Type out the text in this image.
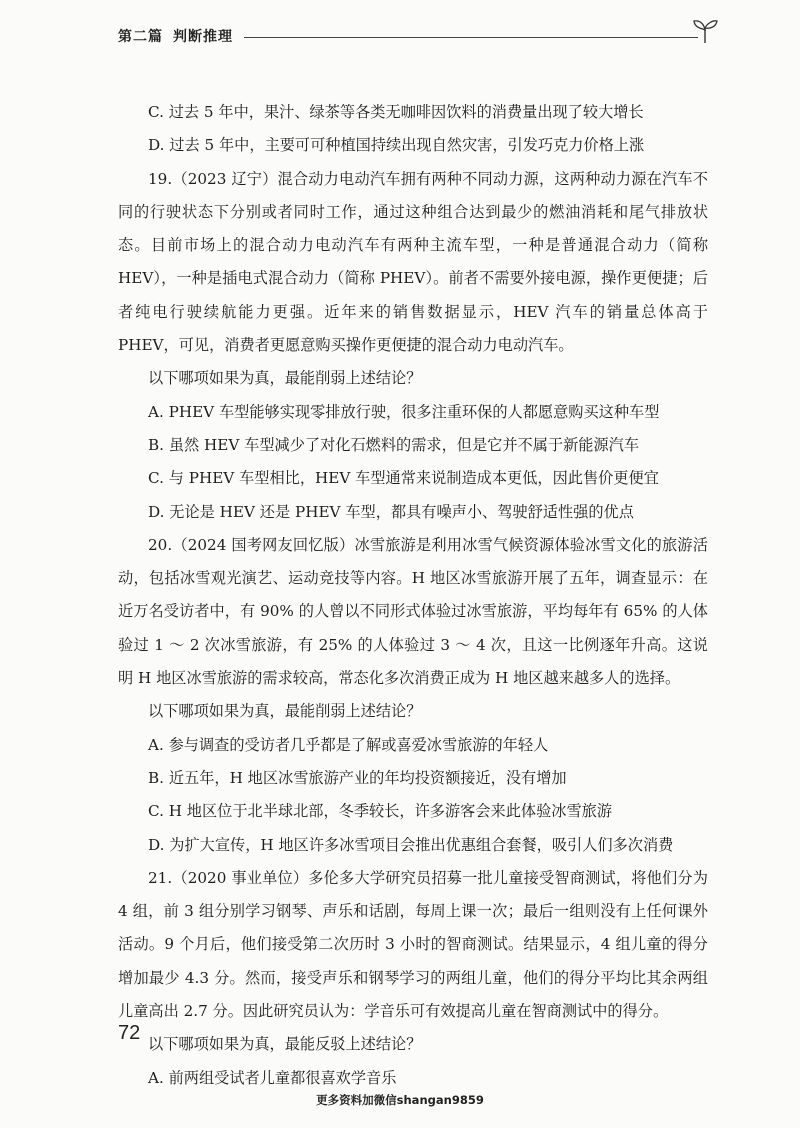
第二篇 判断推理

C. 过去 5 年中，果汁、绿茶等各类无咖啡因饮料的消费量出现了较大增长

D. 过去 5 年中，主要可可种植国持续出现自然灾害，引发巧克力价格上涨

19.（2023 辽宁）混合动力电动汽车拥有两种不同动力源，这两种动力源在汽车不同的行驶状态下分别或者同时工作，通过这种组合达到最少的燃油消耗和尾气排放状态。目前市场上的混合动力电动汽车有两种主流车型，一种是普通混合动力（简称 HEV），一种是插电式混合动力（简称 PHEV）。前者不需要外接电源，操作更便捷；后者纯电行驶续航能力更强。近年来的销售数据显示，HEV 汽车的销量总体高于 PHEV，可见，消费者更愿意购买操作更便捷的混合动力电动汽车。

以下哪项如果为真，最能削弱上述结论？

A. PHEV 车型能够实现零排放行驶，很多注重环保的人都愿意购买这种车型

B. 虽然 HEV 车型减少了对化石燃料的需求，但是它并不属于新能源汽车

C. 与 PHEV 车型相比，HEV 车型通常来说制造成本更低，因此售价更便宜

D. 无论是 HEV 还是 PHEV 车型，都具有噪声小、驾驶舒适性强的优点

20.（2024 国考网友回忆版）冰雪旅游是利用冰雪气候资源体验冰雪文化的旅游活动，包括冰雪观光演艺、运动竞技等内容。H 地区冰雪旅游开展了五年，调查显示：在近万名受访者中，有 90% 的人曾以不同形式体验过冰雪旅游，平均每年有 65% 的人体验过 1 ～ 2 次冰雪旅游，有 25% 的人体验过 3 ～ 4 次，且这一比例逐年升高。这说明 H 地区冰雪旅游的需求较高，常态化多次消费正成为 H 地区越来越多人的选择。

以下哪项如果为真，最能削弱上述结论？

A. 参与调查的受访者几乎都是了解或喜爱冰雪旅游的年轻人

B. 近五年，H 地区冰雪旅游产业的年均投资额接近，没有增加

C. H 地区位于北半球北部，冬季较长，许多游客会来此体验冰雪旅游

D. 为扩大宣传，H 地区许多冰雪项目会推出优惠组合套餐，吸引人们多次消费

21.（2020 事业单位）多伦多大学研究员招募一批儿童接受智商测试，将他们分为 4 组，前 3 组分别学习钢琴、声乐和话剧，每周上课一次；最后一组则没有上任何课外活动。9 个月后，他们接受第二次历时 3 小时的智商测试。结果显示，4 组儿童的得分增加最少 4.3 分。然而，接受声乐和钢琴学习的两组儿童，他们的得分平均比其余两组儿童高出 2.7 分。因此研究员认为：学音乐可有效提高儿童在智商测试中的得分。

以下哪项如果为真，最能反驳上述结论？

A. 前两组受试者儿童都很喜欢学音乐

72
更多资料加微信shangan9859
